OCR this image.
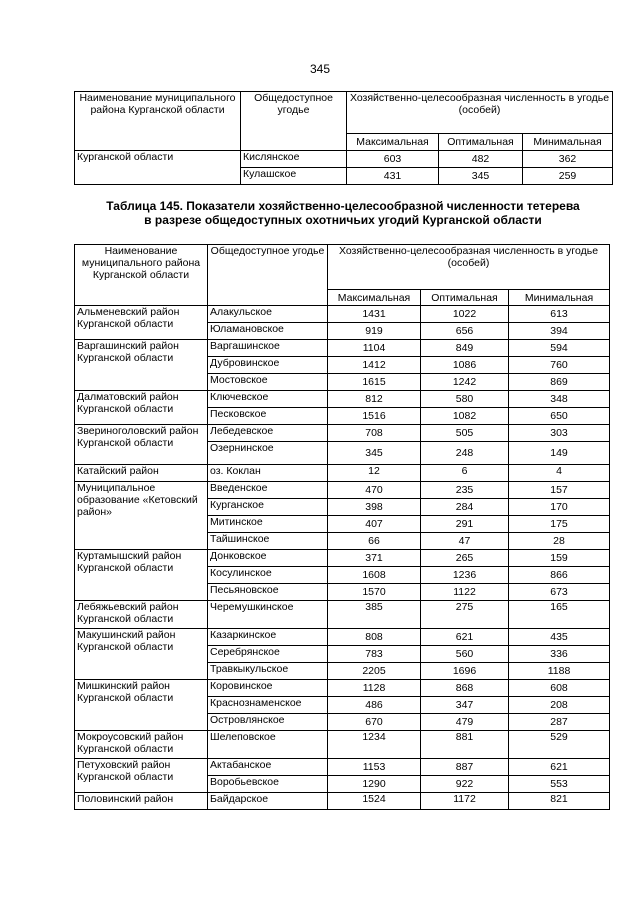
345
Наименование муниципального района Курганской области	Общедоступное угодье	Хозяйственно-целесообразная численность в угодье (особей)		
		Максимальная	Оптимальная	Минимальная
Курганской области	Кислянское	603	482	362
	Кулашское	431	345	259
Таблица 145. Показатели хозяйственно-целесообразной численности тетерева
в разрезе общедоступных охотничьих угодий Курганской области
Наименование муниципального района Курганской области	Общедоступное угодье	Хозяйственно-целесообразная численность в угодье (особей)		
		Максимальная	Оптимальная	Минимальная
Альменевский район Курганской области	Алакульское	1431	1022	613
	Юламановское	919	656	394
Варгашинский район Курганской области	Варгашинское	1104	849	594
	Дубровинское	1412	1086	760
	Мостовское	1615	1242	869
Далматовский район Курганской области	Ключевское	812	580	348
	Песковское	1516	1082	650
Звериноголовский район Курганской области	Лебедевское	708	505	303
	Озернинское	345	248	149
Катайский район	оз. Коклан	12	6	4
Муниципальное образование «Кетовский район»	Введенское	470	235	157
	Курганское	398	284	170
	Митинское	407	291	175
	Тайшинское	66	47	28
Куртамышский район Курганской области	Донковское	371	265	159
	Косулинское	1608	1236	866
	Песьяновское	1570	1122	673
Лебяжьевский район Курганской области	Черемушкинское	385	275	165
Макушинский район Курганской области	Казаркинское	808	621	435
	Серебрянское	783	560	336
	Травкыкульское	2205	1696	1188
Мишкинский район Курганской области	Коровинское	1128	868	608
	Краснознаменское	486	347	208
	Островлянское	670	479	287
Мокроусовский район Курганской области	Шелеповское	1234	881	529
Петуховский район Курганской области	Актабанское	1153	887	621
	Воробьевское	1290	922	553
Половинский район	Байдарское	1524	1172	821
